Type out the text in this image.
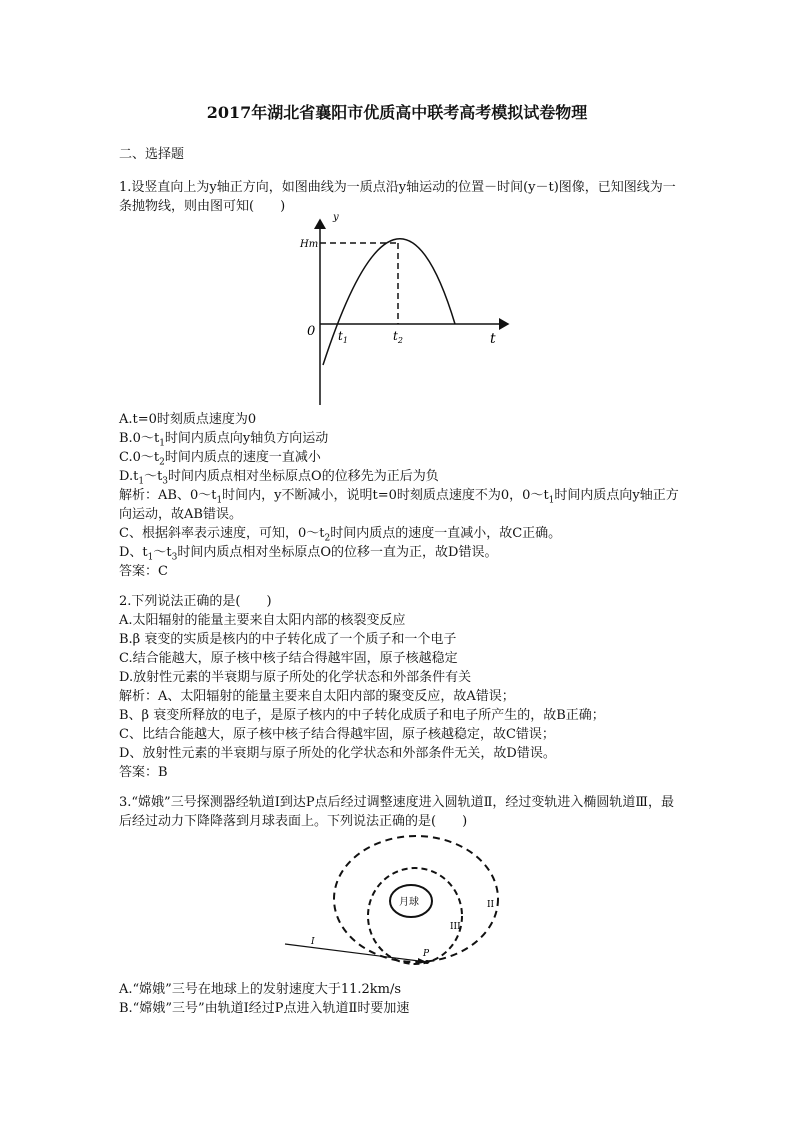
2017年湖北省襄阳市优质高中联考高考模拟试卷物理
二、选择题

1.设竖直向上为y轴正方向，如图曲线为一质点沿y轴运动的位置－时间(y－t)图像，已知图线为一条抛物线，则由图可知(　　)

y
Hm
0 $t_1$	$t_2$	t

A.t=0时刻质点速度为0

$B.0\sim t_1$时间内质点向y轴负方向运动

$C.0\sim t_2$时间内质点的速度一直减小

$D.t_1\sim t_3$时间内质点相对坐标原点O的位移先为正后为负

解析：AB、$0\sim t_1$时间内，y不断减小，说明t=0时刻质点速度不为0，$0\sim t_1$时间内质点向y轴正方向运动，故AB错误。

C、根据斜率表示速度，可知，$0\sim t_2$时间内质点的速度一直减小，故C正确。

D、$t_1\sim t_3$时间内质点相对坐标原点O的位移一直为正，故D错误。

答案：C

2.下列说法正确的是(　　)

A.太阳辐射的能量主要来自太阳内部的核裂变反应

B.β 衰变的实质是核内的中子转化成了一个质子和一个电子

C.结合能越大，原子核中核子结合得越牢固，原子核越稳定

D.放射性元素的半衰期与原子所处的化学状态和外部条件有关

解析：A、太阳辐射的能量主要来自太阳内部的聚变反应，故A错误；

B、β 衰变所释放的电子，是原子核内的中子转化成质子和电子所产生的，故B正确；

C、比结合能越大，原子核中核子结合得越牢固，原子核越稳定，故C错误；

D、放射性元素的半衰期与原子所处的化学状态和外部条件无关，故D错误。

答案：B

3.“嫦娥”三号探测器经轨道Ⅰ到达P点后经过调整速度进入圆轨道Ⅱ，经过变轨进入椭圆轨道Ⅲ，最后经过动力下降降落到月球表面上。下列说法正确的是(　　)

月球
I
II
III
P

A.“嫦娥”三号在地球上的发射速度大于11.2km/s

B.“嫦娥”三号”由轨道Ⅰ经过P点进入轨道Ⅱ时要加速
